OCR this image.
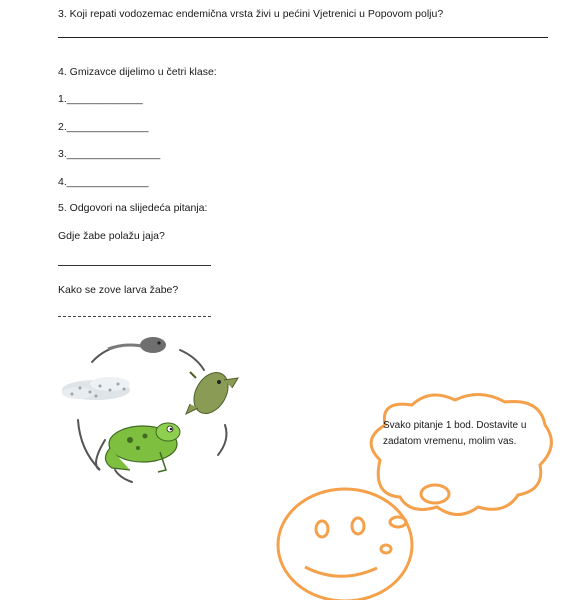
3. Koji repati vodozemac endemična vrsta živi u pećini Vjetrenici u Popovom polju?
4. Gmizavce dijelimo u četri klase:
1._____________
2.______________
3.________________
4.______________
5. Odgovori na slijedeća pitanja:
Gdje žabe polažu jaja?
Kako se zove larva žabe?
Svako pitanje 1 bod. Dostavite u zadatom vremenu, molim vas.
